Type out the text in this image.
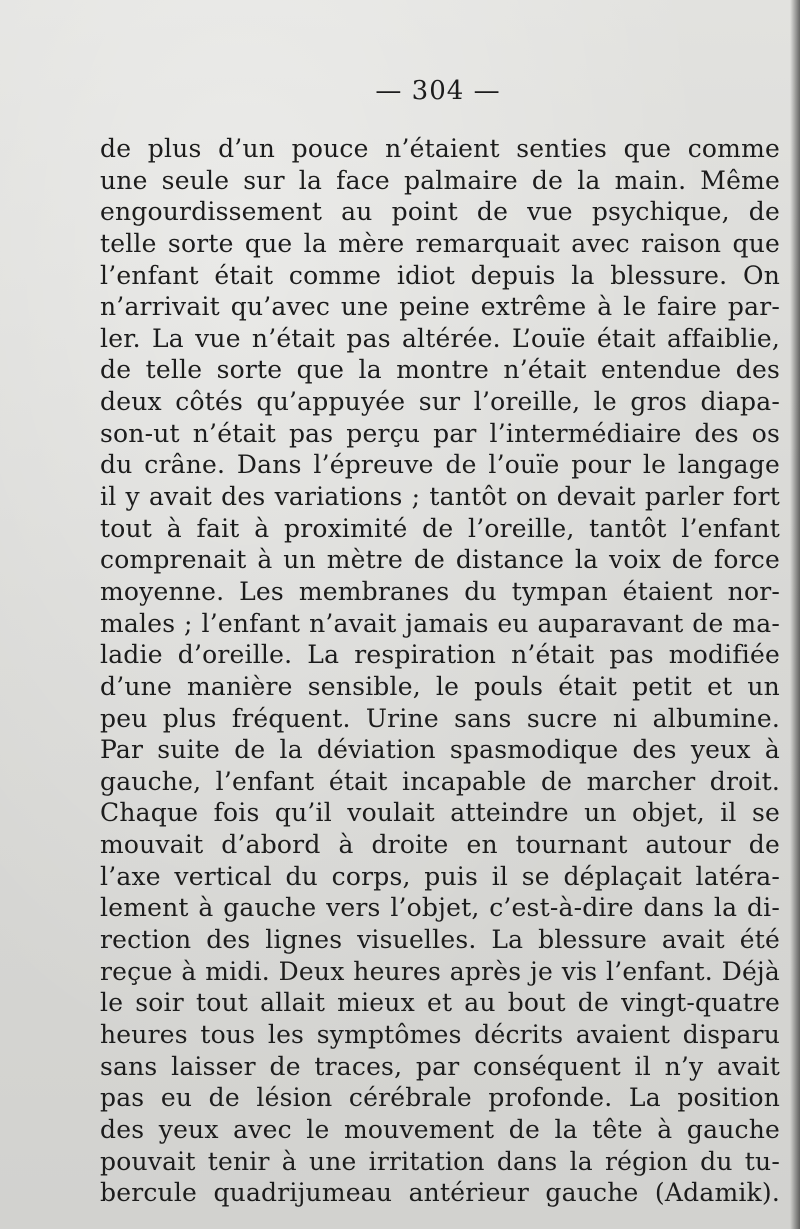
— 304 —
de plus d’un pouce n’étaient senties que comme
une seule sur la face palmaire de la main. Même
engourdissement au point de vue psychique, de
telle sorte que la mère remarquait avec raison que
l’enfant était comme idiot depuis la blessure. On
n’arrivait qu’avec une peine extrême à le faire par-
ler. La vue n’était pas altérée. L’ouïe était affaiblie,
de telle sorte que la montre n’était entendue des
deux côtés qu’appuyée sur l’oreille, le gros diapa-
son-ut n’était pas perçu par l’intermédiaire des os
du crâne. Dans l’épreuve de l’ouïe pour le langage
il y avait des variations ; tantôt on devait parler fort
tout à fait à proximité de l’oreille, tantôt l’enfant
comprenait à un mètre de distance la voix de force
moyenne. Les membranes du tympan étaient nor-
males ; l’enfant n’avait jamais eu auparavant de ma-
ladie d’oreille. La respiration n’était pas modifiée
d’une manière sensible, le pouls était petit et un
peu plus fréquent. Urine sans sucre ni albumine.
Par suite de la déviation spasmodique des yeux à
gauche, l’enfant était incapable de marcher droit.
Chaque fois qu’il voulait atteindre un objet, il se
mouvait d’abord à droite en tournant autour de
l’axe vertical du corps, puis il se déplaçait latéra-
lement à gauche vers l’objet, c’est-à-dire dans la di-
rection des lignes visuelles. La blessure avait été
reçue à midi. Deux heures après je vis l’enfant. Déjà
le soir tout allait mieux et au bout de vingt-quatre
heures tous les symptômes décrits avaient disparu
sans laisser de traces, par conséquent il n’y avait
pas eu de lésion cérébrale profonde. La position
des yeux avec le mouvement de la tête à gauche
pouvait tenir à une irritation dans la région du tu-
bercule quadrijumeau antérieur gauche (Adamik).
